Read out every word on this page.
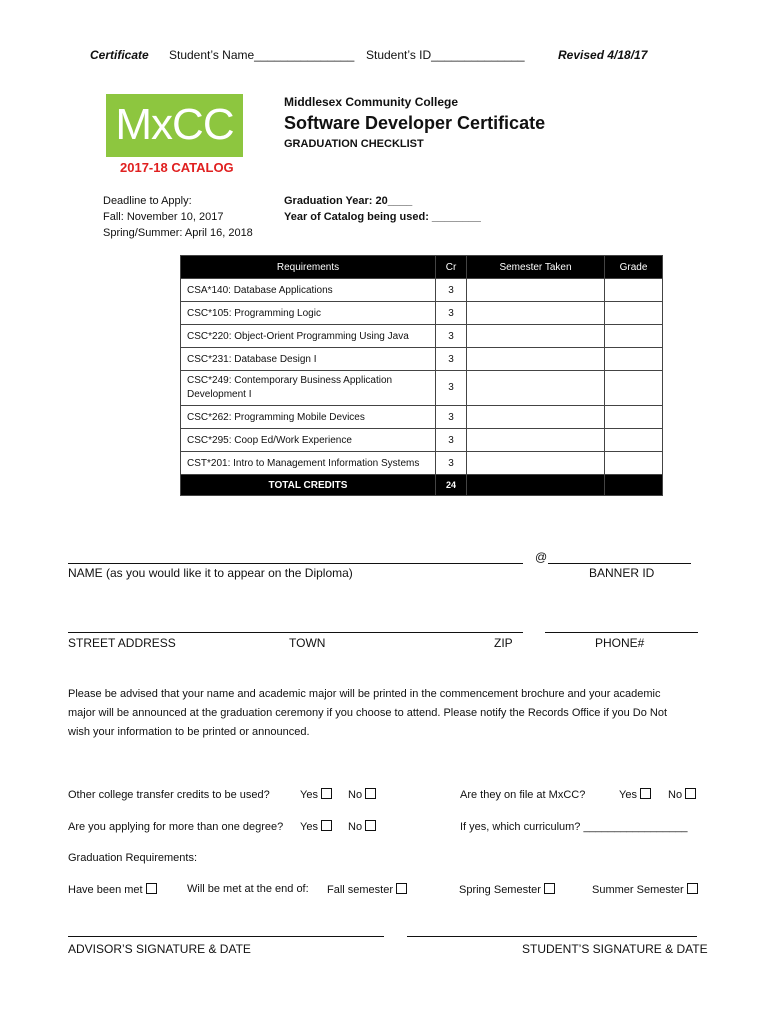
Certificate Student’s Name_______________ Student’s ID______________	Revised 4/18/17
MxCC
2017-18 CATALOG
Middlesex Community College
Software Developer Certificate
GRADUATION CHECKLIST
Deadline to Apply:
Fall: November 10, 2017
Spring/Summer: April 16, 2018
Graduation Year: 20____
Year of Catalog being used: ________
Requirements	Cr	Semester Taken	Grade
CSA*140: Database Applications	3		
CSC*105: Programming Logic	3		
CSC*220: Object-Orient Programming Using Java	3		
CSC*231: Database Design I	3		
CSC*249: Contemporary Business Application Development I	3		
CSC*262: Programming Mobile Devices	3		
CSC*295: Coop Ed/Work Experience	3		
CST*201: Intro to Management Information Systems	3		
TOTAL CREDITS	24		
@
NAME (as you would like it to appear on the Diploma)	BANNER ID
STREET ADDRESS	TOWN	ZIP	PHONE#
Please be advised that your name and academic major will be printed in the commencement brochure and your academic
major will be announced at the graduation ceremony if you choose to attend. Please notify the Records Office if you Do Not
wish your information to be printed or announced.
Other college transfer credits to be used?	Yes	No	Are they on file at MxCC?	Yes	No
Are you applying for more than one degree? Yes	No	If yes, which curriculum? _________________
Graduation Requirements:
Have been met	Will be met at the end of: Fall semester	Spring Semester	Summer Semester
ADVISOR’S SIGNATURE & DATE	STUDENT’S SIGNATURE & DATE
